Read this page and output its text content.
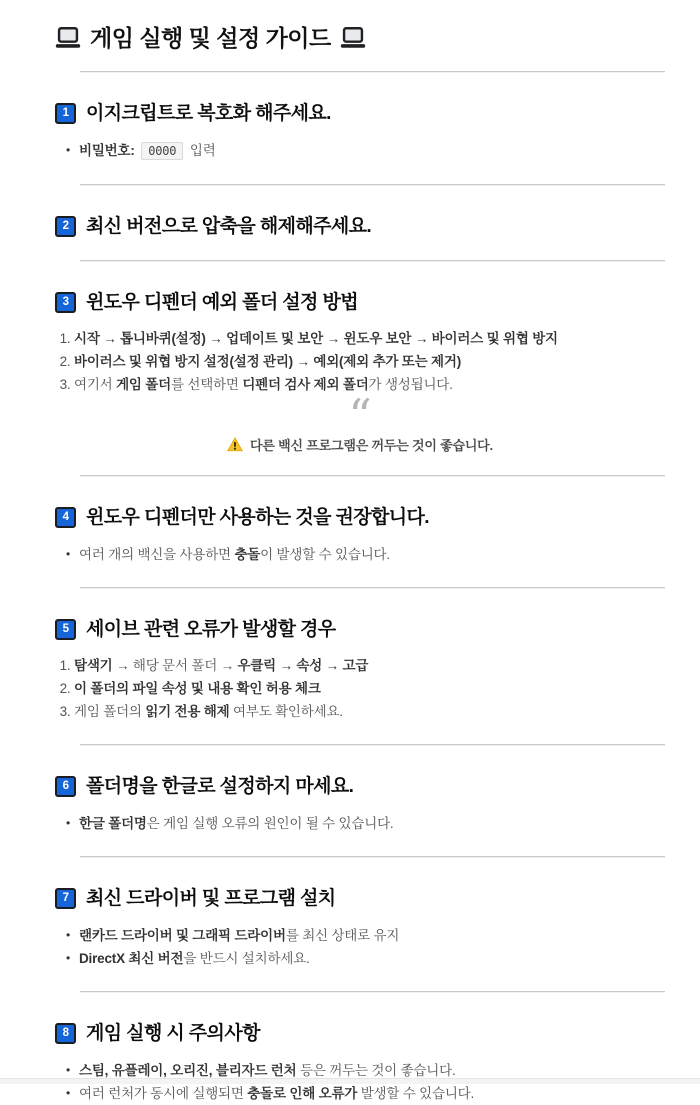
게임 실행 및 설정 가이드
1 이지크립트로 복호화 해주세요.
• 비밀번호: 0000 입력
2 최신 버전으로 압축을 해제해주세요.
3 윈도우 디펜더 예외 폴더 설정 방법
1. 시작 → 톱니바퀴(설정) → 업데이트 및 보안 → 윈도우 보안 → 바이러스 및 위협 방지
2. 바이러스 및 위협 방지 설정(설정 관리) → 예외(제외 추가 또는 제거)
3. 여기서 게임 폴더를 선택하면 디펜더 검사 제외 폴더가 생성됩니다.
“
다른 백신 프로그램은 꺼두는 것이 좋습니다.
4 윈도우 디펜더만 사용하는 것을 권장합니다.
• 여러 개의 백신을 사용하면 충돌이 발생할 수 있습니다.
5 세이브 관련 오류가 발생할 경우
1. 탐색기 → 해당 문서 폴더 → 우클릭 → 속성 → 고급
2. 이 폴더의 파일 속성 및 내용 확인 허용 체크
3. 게임 폴더의 읽기 전용 해제 여부도 확인하세요.
6 폴더명을 한글로 설정하지 마세요.
• 한글 폴더명은 게임 실행 오류의 원인이 될 수 있습니다.
7 최신 드라이버 및 프로그램 설치
• 랜카드 드라이버 및 그래픽 드라이버를 최신 상태로 유지
• DirectX 최신 버전을 반드시 설치하세요.
8 게임 실행 시 주의사항
• 스팀, 유플레이, 오리진, 블리자드 런처 등은 꺼두는 것이 좋습니다.
• 여러 런처가 동시에 실행되면 충돌로 인해 오류가 발생할 수 있습니다.
